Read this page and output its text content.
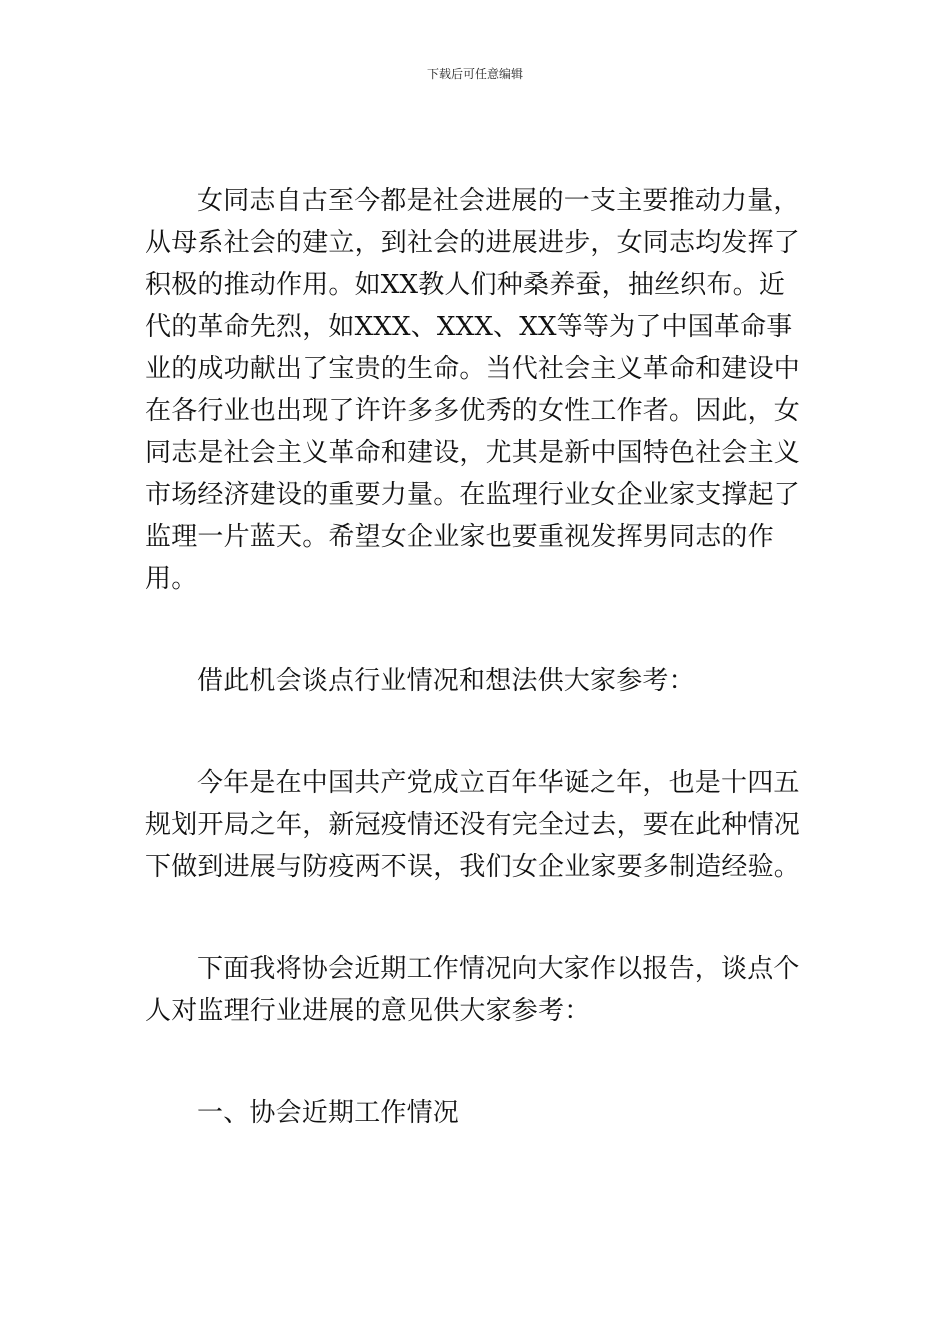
下载后可任意编辑

女同志自古至今都是社会进展的一支主要推动力量，从母系社会的建立，到社会的进展进步，女同志均发挥了积极的推动作用。如XX教人们种桑养蚕，抽丝织布。近代的革命先烈，如XXX、XXX、XX等等为了中国革命事业的成功献出了宝贵的生命。当代社会主义革命和建设中在各行业也出现了许许多多优秀的女性工作者。因此，女同志是社会主义革命和建设，尤其是新中国特色社会主义市场经济建设的重要力量。在监理行业女企业家支撑起了监理一片蓝天。希望女企业家也要重视发挥男同志的作用。

借此机会谈点行业情况和想法供大家参考：

今年是在中国共产党成立百年华诞之年，也是十四五规划开局之年，新冠疫情还没有完全过去，要在此种情况下做到进展与防疫两不误，我们女企业家要多制造经验。

下面我将协会近期工作情况向大家作以报告，谈点个人对监理行业进展的意见供大家参考：

一、协会近期工作情况
